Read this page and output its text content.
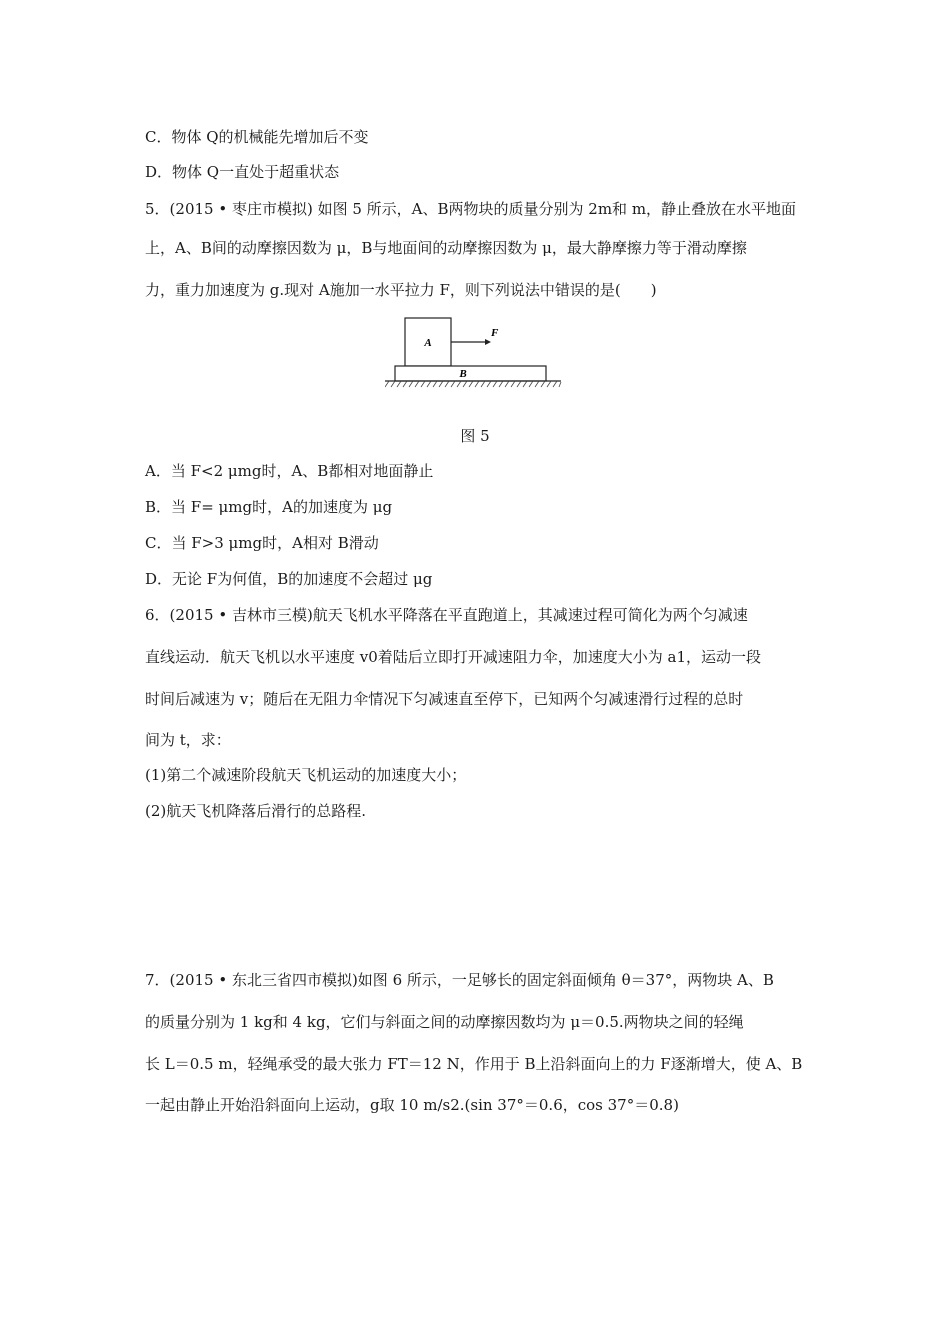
C．物体 Q的机械能先增加后不变
D．物体 Q一直处于超重状态
5．(2015 • 枣庄市模拟) 如图 5 所示，A、B两物块的质量分别为 2m和 m，静止叠放在水平地面
上，A、B间的动摩擦因数为 μ，B与地面间的动摩擦因数为 μ，最大静摩擦力等于滑动摩擦
力，重力加速度为 g.现对 A施加一水平拉力 F，则下列说法中错误的是(　　)
A
F
B
图 5
A．当 F<2 μmg时，A、B都相对地面静止
B．当 F= μmg时，A的加速度为 μg
C．当 F>3 μmg时，A相对 B滑动
D．无论 F为何值，B的加速度不会超过 μg
6．(2015 • 吉林市三模)航天飞机水平降落在平直跑道上，其减速过程可简化为两个匀减速
直线运动．航天飞机以水平速度 v0着陆后立即打开减速阻力伞，加速度大小为 a1，运动一段
时间后减速为 v；随后在无阻力伞情况下匀减速直至停下，已知两个匀减速滑行过程的总时
间为 t，求：
(1)第二个减速阶段航天飞机运动的加速度大小；
(2)航天飞机降落后滑行的总路程.
7．(2015 • 东北三省四市模拟)如图 6 所示，一足够长的固定斜面倾角 θ＝37°，两物块 A、B
的质量分别为 1 kg和 4 kg，它们与斜面之间的动摩擦因数均为 μ＝0.5.两物块之间的轻绳
长 L＝0.5 m，轻绳承受的最大张力 FT＝12 N，作用于 B上沿斜面向上的力 F逐渐增大，使 A、B
一起由静止开始沿斜面向上运动，g取 10 m/s2.(sin 37°＝0.6，cos 37°＝0.8)
